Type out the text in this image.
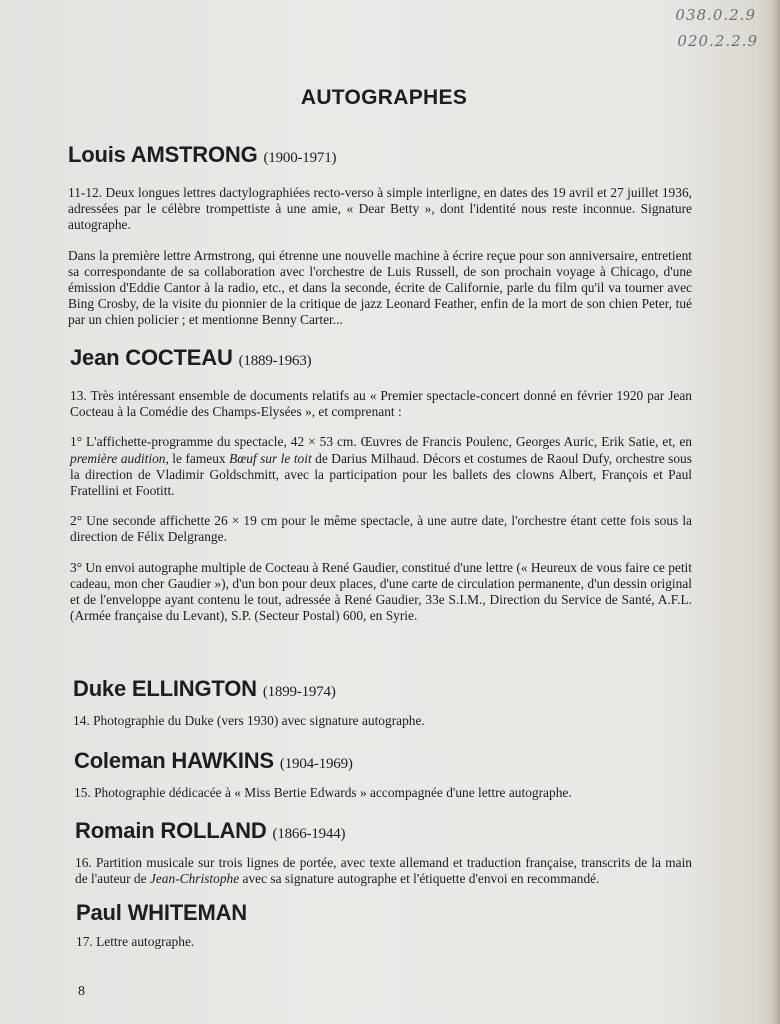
038.0.2.9
020.2.2.9
AUTOGRAPHES
Louis AMSTRONG (1900-1971)

11-12. Deux longues lettres dactylographiées recto-verso à simple interligne, en dates des 19 avril et 27 juillet 1936, adressées par le célèbre trompettiste à une amie, « Dear Betty », dont l'identité nous reste inconnue. Signature autographe.

Dans la première lettre Armstrong, qui étrenne une nouvelle machine à écrire reçue pour son anniversaire, entretient sa correspondante de sa collaboration avec l'orchestre de Luis Russell, de son prochain voyage à Chicago, d'une émission d'Eddie Cantor à la radio, etc., et dans la seconde, écrite de Californie, parle du film qu'il va tourner avec Bing Crosby, de la visite du pionnier de la critique de jazz Leonard Feather, enfin de la mort de son chien Peter, tué par un chien policier ; et mentionne Benny Carter...

Jean COCTEAU (1889-1963)

13. Très intéressant ensemble de documents relatifs au « Premier spectacle-concert donné en février 1920 par Jean Cocteau à la Comédie des Champs-Elysées », et comprenant :

1° L'affichette-programme du spectacle, 42 × 53 cm. Œuvres de Francis Poulenc, Georges Auric, Erik Satie, et, en première audition, le fameux Bœuf sur le toit de Darius Milhaud. Décors et costumes de Raoul Dufy, orchestre sous la direction de Vladimir Goldschmitt, avec la participation pour les ballets des clowns Albert, François et Paul Fratellini et Footitt.

2° Une seconde affichette 26 × 19 cm pour le même spectacle, à une autre date, l'orchestre étant cette fois sous la direction de Félix Delgrange.

3° Un envoi autographe multiple de Cocteau à René Gaudier, constitué d'une lettre (« Heureux de vous faire ce petit cadeau, mon cher Gaudier »), d'un bon pour deux places, d'une carte de circulation permanente, d'un dessin original et de l'enveloppe ayant contenu le tout, adressée à René Gaudier, 33e S.I.M., Direction du Service de Santé, A.F.L. (Armée française du Levant), S.P. (Secteur Postal) 600, en Syrie.

Duke ELLINGTON (1899-1974)

14. Photographie du Duke (vers 1930) avec signature autographe.

Coleman HAWKINS (1904-1969)

15. Photographie dédicacée à « Miss Bertie Edwards » accompagnée d'une lettre autographe.

Romain ROLLAND (1866-1944)

16. Partition musicale sur trois lignes de portée, avec texte allemand et traduction française, transcrits de la main de l'auteur de Jean-Christophe avec sa signature autographe et l'étiquette d'envoi en recommandé.

Paul WHITEMAN

17. Lettre autographe.

8
